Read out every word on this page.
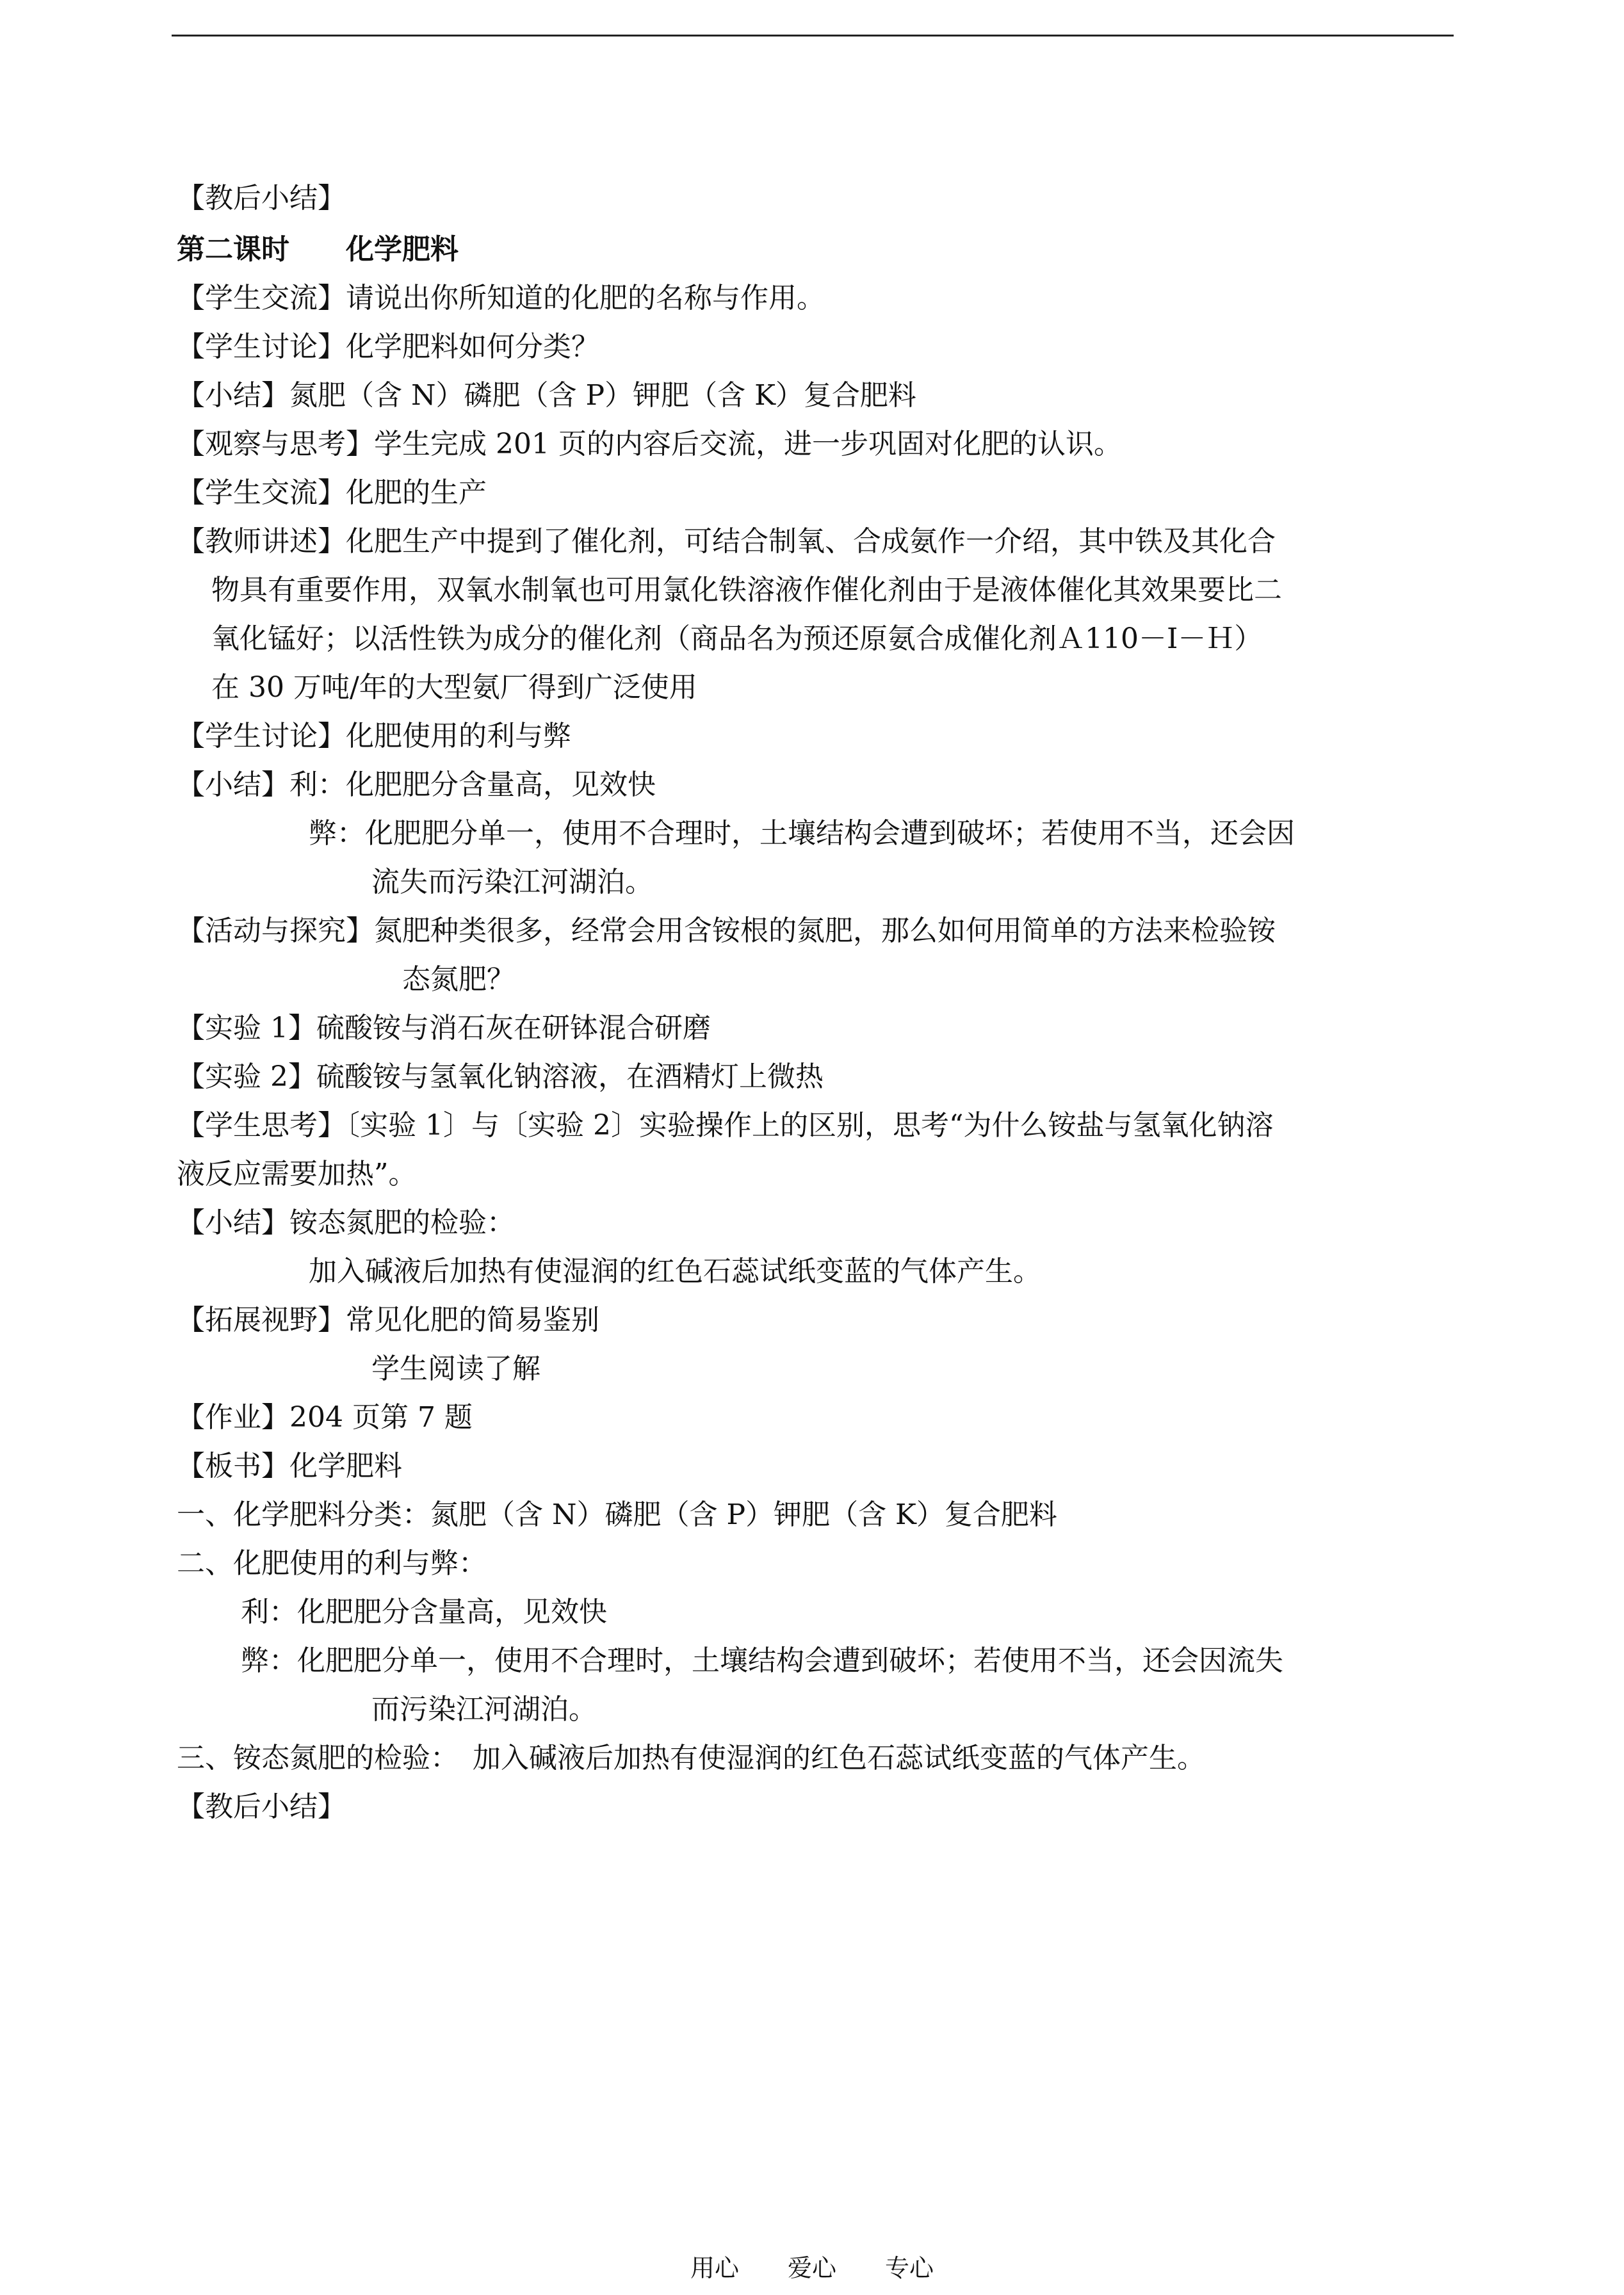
【教后小结】
第二课时　　化学肥料
【学生交流】请说出你所知道的化肥的名称与作用。
【学生讨论】化学肥料如何分类？
【小结】氮肥（含 N）磷肥（含 P）钾肥（含 K）复合肥料
【观察与思考】学生完成 201 页的内容后交流，进一步巩固对化肥的认识。
【学生交流】化肥的生产
【教师讲述】化肥生产中提到了催化剂，可结合制氧、合成氨作一介绍，其中铁及其化合
物具有重要作用，双氧水制氧也可用氯化铁溶液作催化剂由于是液体催化其效果要比二
氧化锰好；以活性铁为成分的催化剂（商品名为预还原氨合成催化剂Ａ110－Ⅰ－Ｈ）
在 30 万吨/年的大型氨厂得到广泛使用
【学生讨论】化肥使用的利与弊
【小结】利：化肥肥分含量高，见效快
弊：化肥肥分单一，使用不合理时，土壤结构会遭到破坏；若使用不当，还会因
流失而污染江河湖泊。
【活动与探究】氮肥种类很多，经常会用含铵根的氮肥，那么如何用简单的方法来检验铵
态氮肥？
【实验 1】硫酸铵与消石灰在研钵混合研磨
【实验 2】硫酸铵与氢氧化钠溶液，在酒精灯上微热
【学生思考】〔实验 1〕与〔实验 2〕实验操作上的区别，思考“为什么铵盐与氢氧化钠溶
液反应需要加热”。
【小结】铵态氮肥的检验：
加入碱液后加热有使湿润的红色石蕊试纸变蓝的气体产生。
【拓展视野】常见化肥的简易鉴别
学生阅读了解
【作业】204 页第 7 题
【板书】化学肥料
一、化学肥料分类：氮肥（含 N）磷肥（含 P）钾肥（含 K）复合肥料
二、化肥使用的利与弊：
利：化肥肥分含量高，见效快
弊：化肥肥分单一，使用不合理时，土壤结构会遭到破坏；若使用不当，还会因流失
而污染江河湖泊。
三、铵态氮肥的检验：　加入碱液后加热有使湿润的红色石蕊试纸变蓝的气体产生。
【教后小结】
用心　　爱心　　专心
